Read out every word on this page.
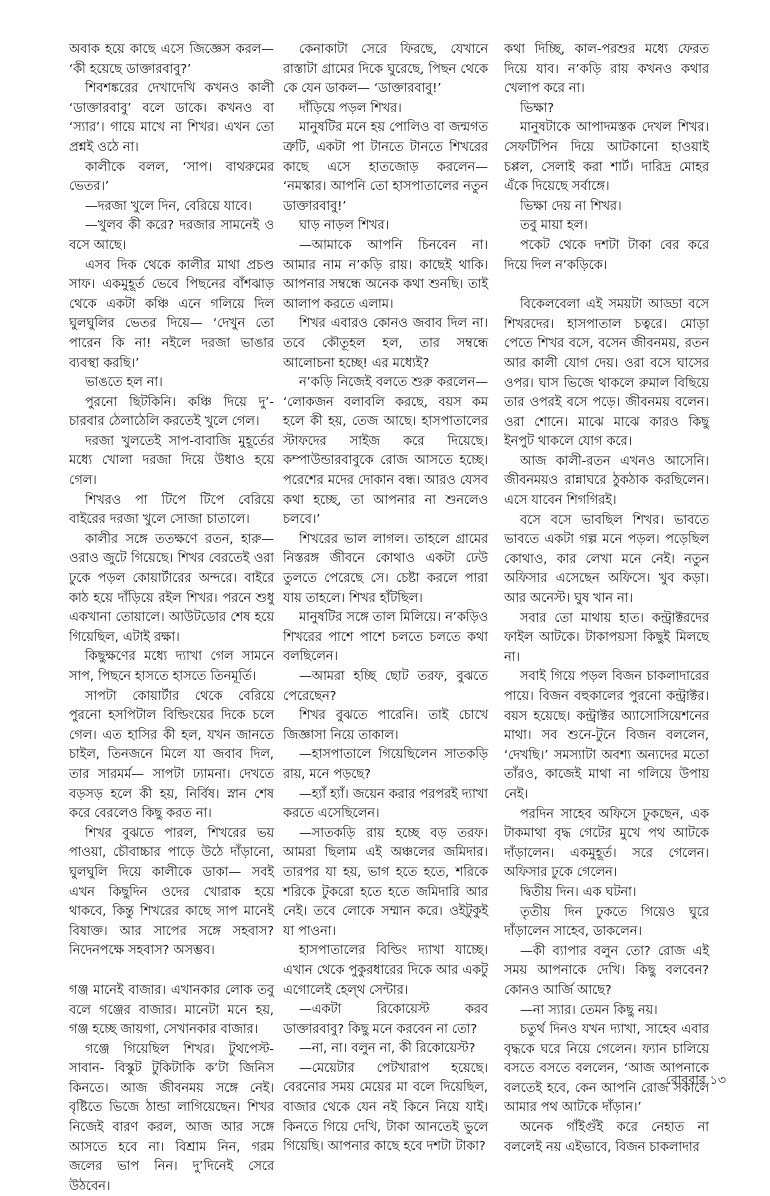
অবাক হয়ে কাছে এসে জিজ্ঞেস করল— ‘কী হয়েছে ডাক্তারবাবু?’

শিবশঙ্করের দেখাদেখি কখনও কালী ‘ডাক্তারবাবু’ বলে ডাকে। কখনও বা ‘স্যার’। গায়ে মাখে না শিখর। এখন তো প্রশ্নই ওঠে না।

কালীকে বলল, ‘সাপ। বাথরুমের ভেতর।’

—দরজা খুলে দিন, বেরিয়ে যাবে।

—খুলব কী করে? দরজার সামনেই ও বসে আছে।

এসব দিক থেকে কালীর মাথা প্রচণ্ড সাফ। একমুহূর্ত ভেবে পিছনের বাঁশঝাড় থেকে একটা কঞ্চি এনে গলিয়ে দিল ঘুলঘুলির ভেতর দিয়ে— ‘দেখুন তো পারেন কি না! নইলে দরজা ভাঙার ব্যবস্থা করছি।’

ভাঙতে হল না।

পুরনো ছিটকিনি। কঞ্চি দিয়ে দু’- চারবার ঠেলাঠেলি করতেই খুলে গেল।

দরজা খুলতেই সাপ-বাবাজি মুহূর্তের মধ্যে খোলা দরজা দিয়ে উধাও হয়ে গেল।

শিখরও পা টিপে টিপে বেরিয়ে বাইরের দরজা খুলে সোজা চাতালে।

কালীর সঙ্গে ততক্ষণে রতন, হারু— ওরাও জুটে গিয়েছে। শিখর বেরতেই ওরা ঢুকে পড়ল কোয়ার্টারের অন্দরে। বাইরে কাঠ হয়ে দাঁড়িয়ে রইল শিখর। পরনে শুধু একখানা তোয়ালে। আউটডোর শেষ হয়ে গিয়েছিল, এটাই রক্ষা।

কিছুক্ষণের মধ্যে দ্যাখা গেল সামনে সাপ, পিছনে হাসতে হাসতে তিনমূর্তি।

সাপটা কোয়ার্টার থেকে বেরিয়ে পুরনো হসপিটাল বিল্ডিংয়ের দিকে চলে গেল। এত হাসির কী হল, যখন জানতে চাইল, তিনজনে মিলে যা জবাব দিল, তার সারমর্ম— সাপটা ঢ্যামনা। দেখতে বড়সড় হলে কী হয়, নির্বিষ। স্নান শেষ করে বেরলেও কিছু করত না।

শিখর বুঝতে পারল, শিখরের ভয় পাওয়া, চৌবাচ্চার পাড়ে উঠে দাঁড়ানো, ঘুলঘুলি দিয়ে কালীকে ডাকা— সবই এখন কিছুদিন ওদের খোরাক হয়ে থাকবে, কিন্তু শিখরের কাছে সাপ মানেই বিষাক্ত। আর সাপের সঙ্গে সহবাস? নিদেনপক্ষে সহবাস? অসম্ভব।

গঞ্জ মানেই বাজার। এখানকার লোক তবু বলে গঞ্জের বাজার। মানেটা মনে হয়, গঞ্জ হচ্ছে জায়গা, সেখানকার বাজার।

গঞ্জে গিয়েছিল শিখর। টুথপেস্ট-সাবান- বিস্কুট টুকিটাকি ক’টা জিনিস কিনতে। আজ জীবনময় সঙ্গে নেই। বৃষ্টিতে ভিজে ঠান্ডা লাগিয়েছেন। শিখর নিজেই বারণ করল, আজ আর সঙ্গে আসতে হবে না। বিশ্রাম নিন, গরম জলের ভাপ নিন। দু’দিনেই সেরে উঠবেন।

কেনাকাটা সেরে ফিরছে, যেখানে রাস্তাটা গ্রামের দিকে ঘুরেছে, পিছন থেকে কে যেন ডাকল— ‘ডাক্তারবাবু!’

দাঁড়িয়ে পড়ল শিখর।

মানুষটির মনে হয় পোলিও বা জন্মগত ত্রুটি, একটা পা টানতে টানতে শিখরের কাছে এসে হাতজোড় করলেন— ‘নমস্কার। আপনি তো হাসপাতালের নতুন ডাক্তারবাবু!’

ঘাড় নাড়ল শিখর।

—আমাকে আপনি চিনবেন না। আমার নাম ন’কড়ি রায়। কাছেই থাকি। আপনার সম্বন্ধে অনেক কথা শুনছি। তাই আলাপ করতে এলাম।

শিখর এবারও কোনও জবাব দিল না। তবে কৌতূহল হল, তার সম্বন্ধে আলোচনা হচ্ছে! এর মধ্যেই?

ন’কড়ি নিজেই বলতে শুরু করলেন— ‘লোকজন বলাবলি করছে, বয়স কম হলে কী হয়, তেজ আছে। হাসপাতালের স্টাফদের সাইজ করে দিয়েছে। কম্পাউন্ডারবাবুকে রোজ আসতে হচ্ছে। পরেশের মদের দোকান বন্ধ। আরও যেসব কথা হচ্ছে, তা আপনার না শুনলেও চলবে।’

শিখরের ভাল লাগল। তাহলে গ্রামের নিস্তরঙ্গ জীবনে কোথাও একটা ঢেউ তুলতে পেরেছে সে। চেষ্টা করলে পারা যায় তাহলে। শিখর হাঁটছিল।

মানুষটির সঙ্গে তাল মিলিয়ে। ন’কড়িও শিখরের পাশে পাশে চলতে চলতে কথা বলছিলেন।

—আমরা হচ্ছি ছোট তরফ, বুঝতে পেরেছেন?

শিখর বুঝতে পারেনি। তাই চোখে জিজ্ঞাসা নিয়ে তাকাল।

—হাসপাতালে গিয়েছিলেন সাতকড়ি রায়, মনে পড়ছে?

—হ্যাঁ হ্যাঁ। জয়েন করার পরপরই দ্যাখা করতে এসেছিলেন।

—সাতকড়ি রায় হচ্ছে বড় তরফ। আমরা ছিলাম এই অঞ্চলের জমিদার। তারপর যা হয়, ভাগ হতে হতে, শরিকে শরিকে টুকরো হতে হতে জমিদারি আর নেই। তবে লোকে সম্মান করে। ওইটুকুই যা পাওনা।

হাসপাতালের বিল্ডিং দ্যাখা যাচ্ছে। এখান থেকে পুকুরধারের দিকে আর একটু এগোলেই হেল্‌থ সেন্টার।

—একটা রিকোয়েস্ট করব ডাক্তারবাবু? কিছু মনে করবেন না তো?

—না, না। বলুন না, কী রিকোয়েস্ট?

—মেয়েটার পেটখারাপ হয়েছে। বেরনোর সময় মেয়ের মা বলে দিয়েছিল, বাজার থেকে যেন নই কিনে নিয়ে যাই। কিনতে গিয়ে দেখি, টাকা আনতেই ভুলে গিয়েছি। আপনার কাছে হবে দশটা টাকা?

কথা দিচ্ছি, কাল-পরশুর মধ্যে ফেরত দিয়ে যাব। ন’কড়ি রায় কখনও কথার খেলাপ করে না।

ভিক্ষা?

মানুষটাকে আপাদমস্তক দেখল শিখর। সেফটিপিন দিয়ে আটকানো হাওয়াই চপ্পল, সেলাই করা শার্ট। দারিদ্র মোহর এঁকে দিয়েছে সর্বাঙ্গে।

ভিক্ষা দেয় না শিখর।

তবু মায়া হল।

পকেট থেকে দশটা টাকা বের করে দিয়ে দিল ন’কড়িকে।

বিকেলবেলা এই সময়টা আড্ডা বসে শিখরদের। হাসপাতাল চত্বরে। মোড়া পেতে শিখর বসে, বসেন জীবনময়, রতন আর কালী যোগ দেয়। ওরা বসে ঘাসের ওপর। ঘাস ভিজে থাকলে রুমাল বিছিয়ে তার ওপরই বসে পড়ে। জীবনময় বলেন। ওরা শোনে। মাঝে মাঝে কারও কিছু ইনপুট থাকলে যোগ করে।

আজ কালী-রতন এখনও আসেনি। জীবনময়ও রান্নাঘরে ঠুকঠাক করছিলেন। এসে যাবেন শিগগিরই।

বসে বসে ভাবছিল শিখর। ভাবতে ভাবতে একটা গল্প মনে পড়ল। পড়েছিল কোথাও, কার লেখা মনে নেই। নতুন অফিসার এসেছেন অফিসে। খুব কড়া। আর অনেস্ট। ঘুষ খান না।

সবার তো মাথায় হাত। কন্ট্রাক্টরদের ফাইল আটকে। টাকাপয়সা কিছুই মিলছে না।

সবাই গিয়ে পড়ল বিজন চাকলাদারের পায়ে। বিজন বহুকালের পুরনো কন্ট্রাক্টর। বয়স হয়েছে। কন্ট্রাক্টর অ্যাসোসিয়েশনের মাথা। সব শুনে-টুনে বিজন বললেন, ‘দেখছি।’ সমস্যাটা অবশ্য অন্যদের মতো তাঁরও, কাজেই মাথা না গলিয়ে উপায় নেই।

পরদিন সাহেব অফিসে ঢুকছেন, এক টাকমাথা বৃদ্ধ গেটের মুখে পথ আটকে দাঁড়ালেন। একমুহূর্ত। সরে গেলেন। অফিসার ঢুকে গেলেন।

দ্বিতীয় দিন। এক ঘটনা।

তৃতীয় দিন ঢুকতে গিয়েও ঘুরে দাঁড়ালেন সাহেব, ডাকলেন।

—কী ব্যাপার বলুন তো? রোজ এই সময় আপনাকে দেখি। কিছু বলবেন? কোনও আর্জি আছে?

—না স্যার। তেমন কিছু নয়।

চতুর্থ দিনও যখন দ্যাখা, সাহেব এবার বৃদ্ধকে ঘরে নিয়ে গেলেন। ফ্যান চালিয়ে বসতে বসতে বললেন, ‘আজ আপনাকে বলতেই হবে, কেন আপনি রোজ সকালে আমার পথ আটকে দাঁড়ান।’

অনেক গাঁইগুঁই করে নেহাত না বললেই নয় এইভাবে, বিজন চাকলাদার

রোববার ১৩
